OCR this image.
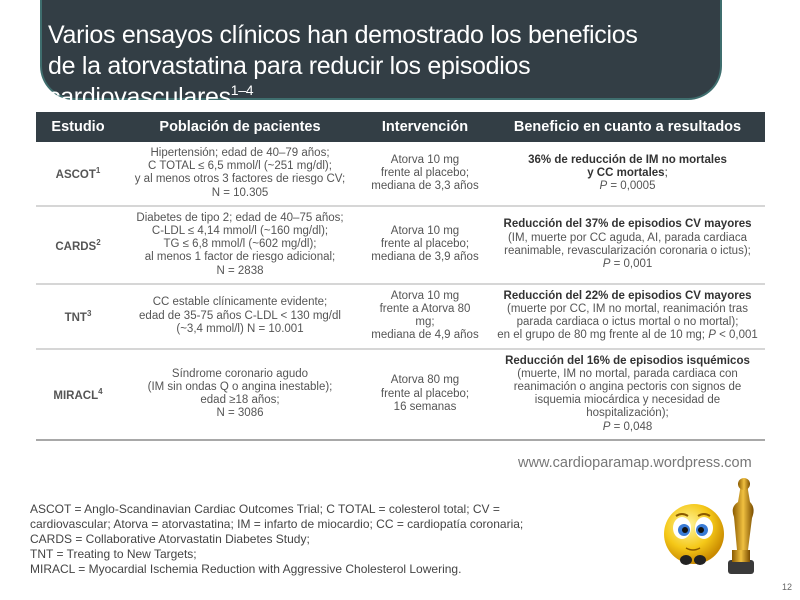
Varios ensayos clínicos han demostrado los beneficios de la atorvastatina para reducir los episodios cardiovasculares$^{1-4}$
Estudio	Población de pacientes	Intervención	Beneficio en cuanto a resultados
ASCOT$^1$	Hipertensión; edad de 40–79 años;
C TOTAL ≤ 6,5 mmol/l (~251 mg/dl);
y al menos otros 3 factores de riesgo CV;
N = 10.305	Atorva 10 mg
frente al placebo;
mediana de 3,3 años	36% de reducción de IM no mortales
y CC mortales;
P = 0,0005

CARDS$^2$	Diabetes de tipo 2; edad de 40–75 años;
C-LDL ≤ 4,14 mmol/l (~160 mg/dl);
TG ≤ 6,8 mmol/l (~602 mg/dl);
al menos 1 factor de riesgo adicional;
N = 2838	Atorva 10 mg
frente al placebo;
mediana de 3,9 años	Reducción del 37% de episodios CV mayores
(IM, muerte por CC aguda, AI, parada cardiaca
reanimable, revascularización coronaria o ictus);
P = 0,001

TNT$^3$	CC estable clínicamente evidente;
edad de 35-75 años C-LDL < 130 mg/dl
(~3,4 mmol/l) N = 10.001	Atorva 10 mg
frente a Atorva 80
mg;
mediana de 4,9 años	Reducción del 22% de episodios CV mayores
(muerte por CC, IM no mortal, reanimación tras
parada cardiaca o ictus mortal o no mortal);
en el grupo de 80 mg frente al de 10 mg; P < 0,001

MIRACL$^4$	Síndrome coronario agudo
(IM sin ondas Q o angina inestable);
edad ≥18 años;
N = 3086	Atorva 80 mg
frente al placebo;
16 semanas	Reducción del 16% de episodios isquémicos
(muerte, IM no mortal, parada cardiaca con
reanimación o angina pectoris con signos de
isquemia miocárdica y necesidad de hospitalización);
P = 0,048
www.cardioparamap.wordpress.com
ASCOT = Anglo-Scandinavian Cardiac Outcomes Trial; C TOTAL = colesterol total; CV =
cardiovascular; Atorva = atorvastatina; IM = infarto de miocardio; CC = cardiopatía coronaria;
CARDS = Collaborative Atorvastatin Diabetes Study;
TNT = Treating to New Targets;
MIRACL = Myocardial Ischemia Reduction with Aggressive Cholesterol Lowering.
12
